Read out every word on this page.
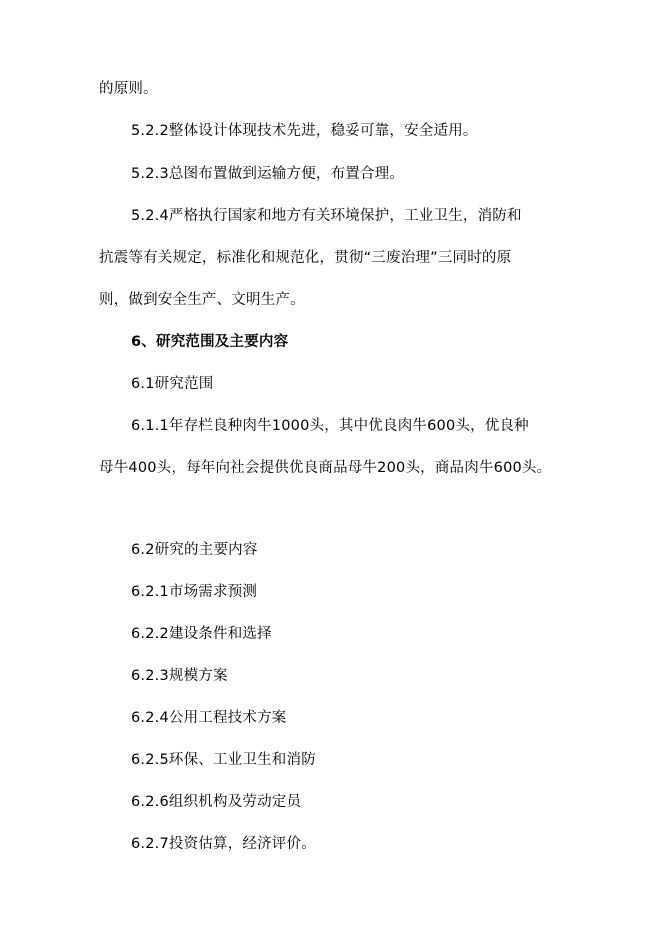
的原则。
5.2.2整体设计体现技术先进，稳妥可靠，安全适用。
5.2.3总图布置做到运输方便，布置合理。
5.2.4严格执行国家和地方有关环境保护，工业卫生，消防和
抗震等有关规定，标准化和规范化，贯彻“三废治理”三同时的原
则，做到安全生产、文明生产。
6、研究范围及主要内容
6.1研究范围
6.1.1年存栏良种肉牛1000头，其中优良肉牛600头，优良种
母牛400头，每年向社会提供优良商品母牛200头，商品肉牛600头。
6.2研究的主要内容
6.2.1市场需求预测
6.2.2建设条件和选择
6.2.3规模方案
6.2.4公用工程技术方案
6.2.5环保、工业卫生和消防
6.2.6组织机构及劳动定员
6.2.7投资估算，经济评价。
